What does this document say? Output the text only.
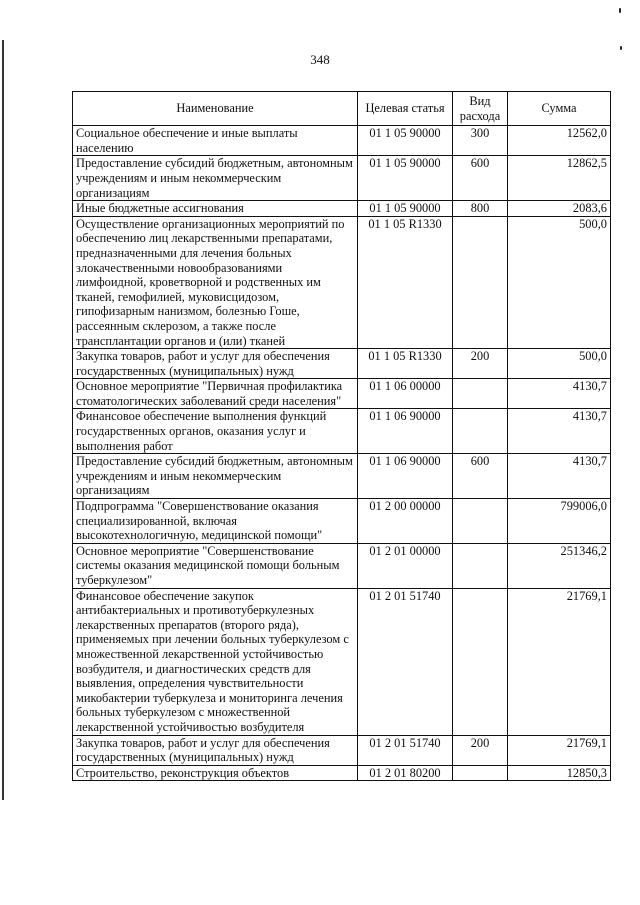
348
Наименование	Целевая статья	Вид расхода	Сумма
Социальное обеспечение и иные выплаты населению	01 1 05 90000	300	12562,0
Предоставление субсидий бюджетным, автономным учреждениям и иным некоммерческим организациям	01 1 05 90000	600	12862,5
Иные бюджетные ассигнования	01 1 05 90000	800	2083,6
Осуществление организационных мероприятий по обеспечению лиц лекарственными препаратами, предназначенными для лечения больных злокачественными новообразованиями лимфоидной, кроветворной и родственных им тканей, гемофилией, муковисцидозом, гипофизарным нанизмом, болезнью Гоше, рассеянным склерозом, а также после трансплантации органов и (или) тканей	01 1 05 R1330		500,0
Закупка товаров, работ и услуг для обеспечения государственных (муниципальных) нужд	01 1 05 R1330	200	500,0
Основное мероприятие "Первичная профилактика стоматологических заболеваний среди населения"	01 1 06 00000		4130,7
Финансовое обеспечение выполнения функций государственных органов, оказания услуг и выполнения работ	01 1 06 90000		4130,7
Предоставление субсидий бюджетным, автономным учреждениям и иным некоммерческим организациям	01 1 06 90000	600	4130,7
Подпрограмма "Совершенствование оказания специализированной, включая высокотехнологичную, медицинской помощи"	01 2 00 00000		799006,0
Основное мероприятие "Совершенствование системы оказания медицинской помощи больным туберкулезом"	01 2 01 00000		251346,2
Финансовое обеспечение закупок антибактериальных и противотуберкулезных лекарственных препаратов (второго ряда), применяемых при лечении больных туберкулезом с множественной лекарственной устойчивостью возбудителя, и диагностических средств для выявления, определения чувствительности микобактерии туберкулеза и мониторинга лечения больных туберкулезом с множественной лекарственной устойчивостью возбудителя	01 2 01 51740		21769,1
Закупка товаров, работ и услуг для обеспечения государственных (муниципальных) нужд	01 2 01 51740	200	21769,1
Строительство, реконструкция объектов	01 2 01 80200		12850,3
